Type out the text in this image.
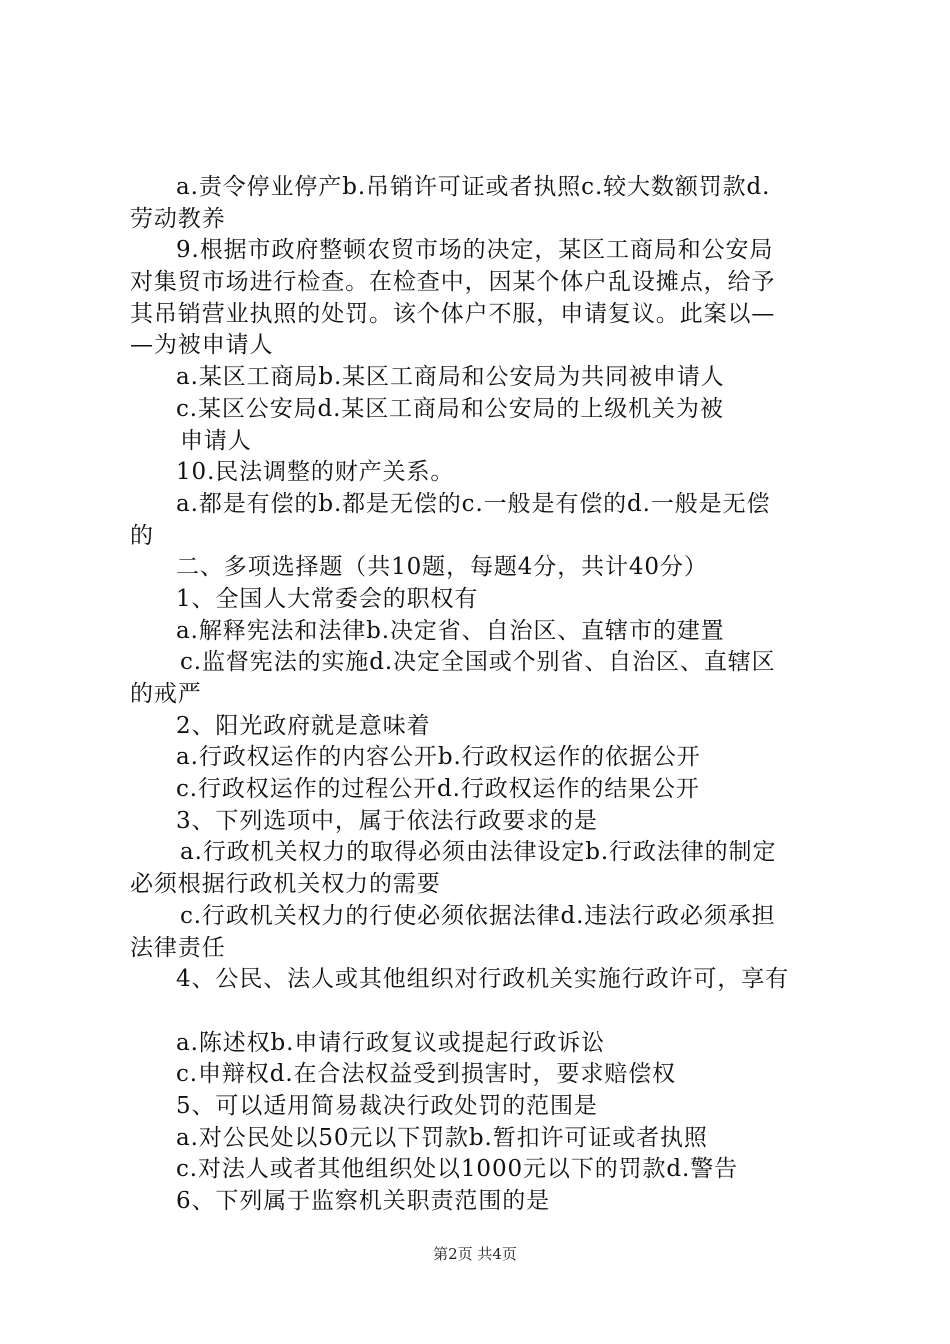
a.责令停业停产b.吊销许可证或者执照c.较大数额罚款d.
劳动教养
9.根据市政府整顿农贸市场的决定，某区工商局和公安局
对集贸市场进行检查。在检查中，因某个体户乱设摊点，给予
其吊销营业执照的处罚。该个体户不服，申请复议。此案以—
—为被申请人
a.某区工商局b.某区工商局和公安局为共同被申请人
c.某区公安局d.某区工商局和公安局的上级机关为被
申请人
10.民法调整的财产关系。
a.都是有偿的b.都是无偿的c.一般是有偿的d.一般是无偿
的
二、多项选择题（共10题，每题4分，共计40分）
1、全国人大常委会的职权有
a.解释宪法和法律b.决定省、自治区、直辖市的建置
c.监督宪法的实施d.决定全国或个别省、自治区、直辖区
的戒严
2、阳光政府就是意味着
a.行政权运作的内容公开b.行政权运作的依据公开
c.行政权运作的过程公开d.行政权运作的结果公开
3、下列选项中，属于依法行政要求的是
a.行政机关权力的取得必须由法律设定b.行政法律的制定
必须根据行政机关权力的需要
c.行政机关权力的行使必须依据法律d.违法行政必须承担
法律责任
4、公民、法人或其他组织对行政机关实施行政许可，享有
a.陈述权b.申请行政复议或提起行政诉讼
c.申辩权d.在合法权益受到损害时，要求赔偿权
5、可以适用简易裁决行政处罚的范围是
a.对公民处以50元以下罚款b.暂扣许可证或者执照
c.对法人或者其他组织处以1000元以下的罚款d.警告
6、下列属于监察机关职责范围的是
第2页 共4页
